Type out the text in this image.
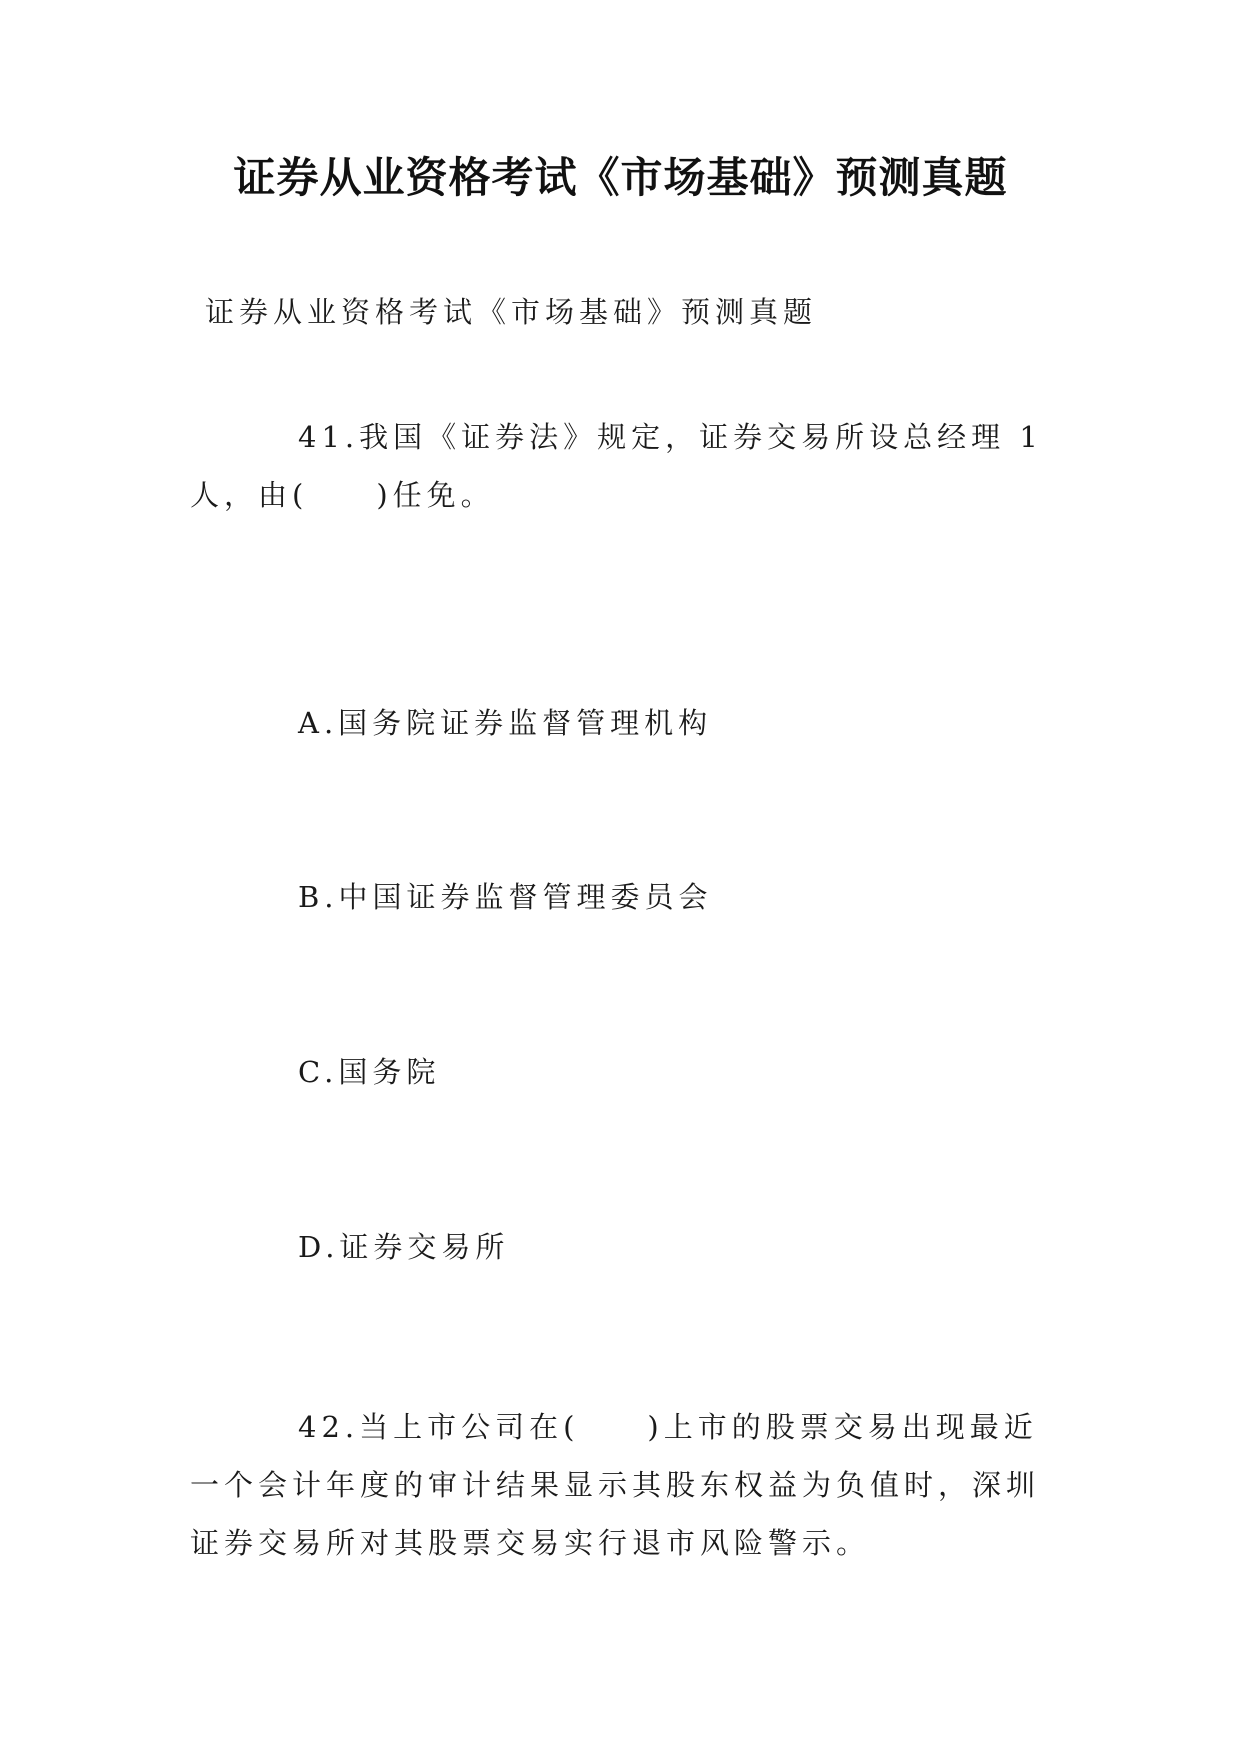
证券从业资格考试《市场基础》预测真题
证券从业资格考试《市场基础》预测真题
41.我国《证券法》规定，证券交易所设总经理 1 人，由(　　)任免。
A.国务院证券监督管理机构
B.中国证券监督管理委员会
C.国务院
D.证券交易所
42.当上市公司在(　　)上市的股票交易出现最近一个会计年度的审计结果显示其股东权益为负值时，深圳证券交易所对其股票交易实行退市风险警示。
